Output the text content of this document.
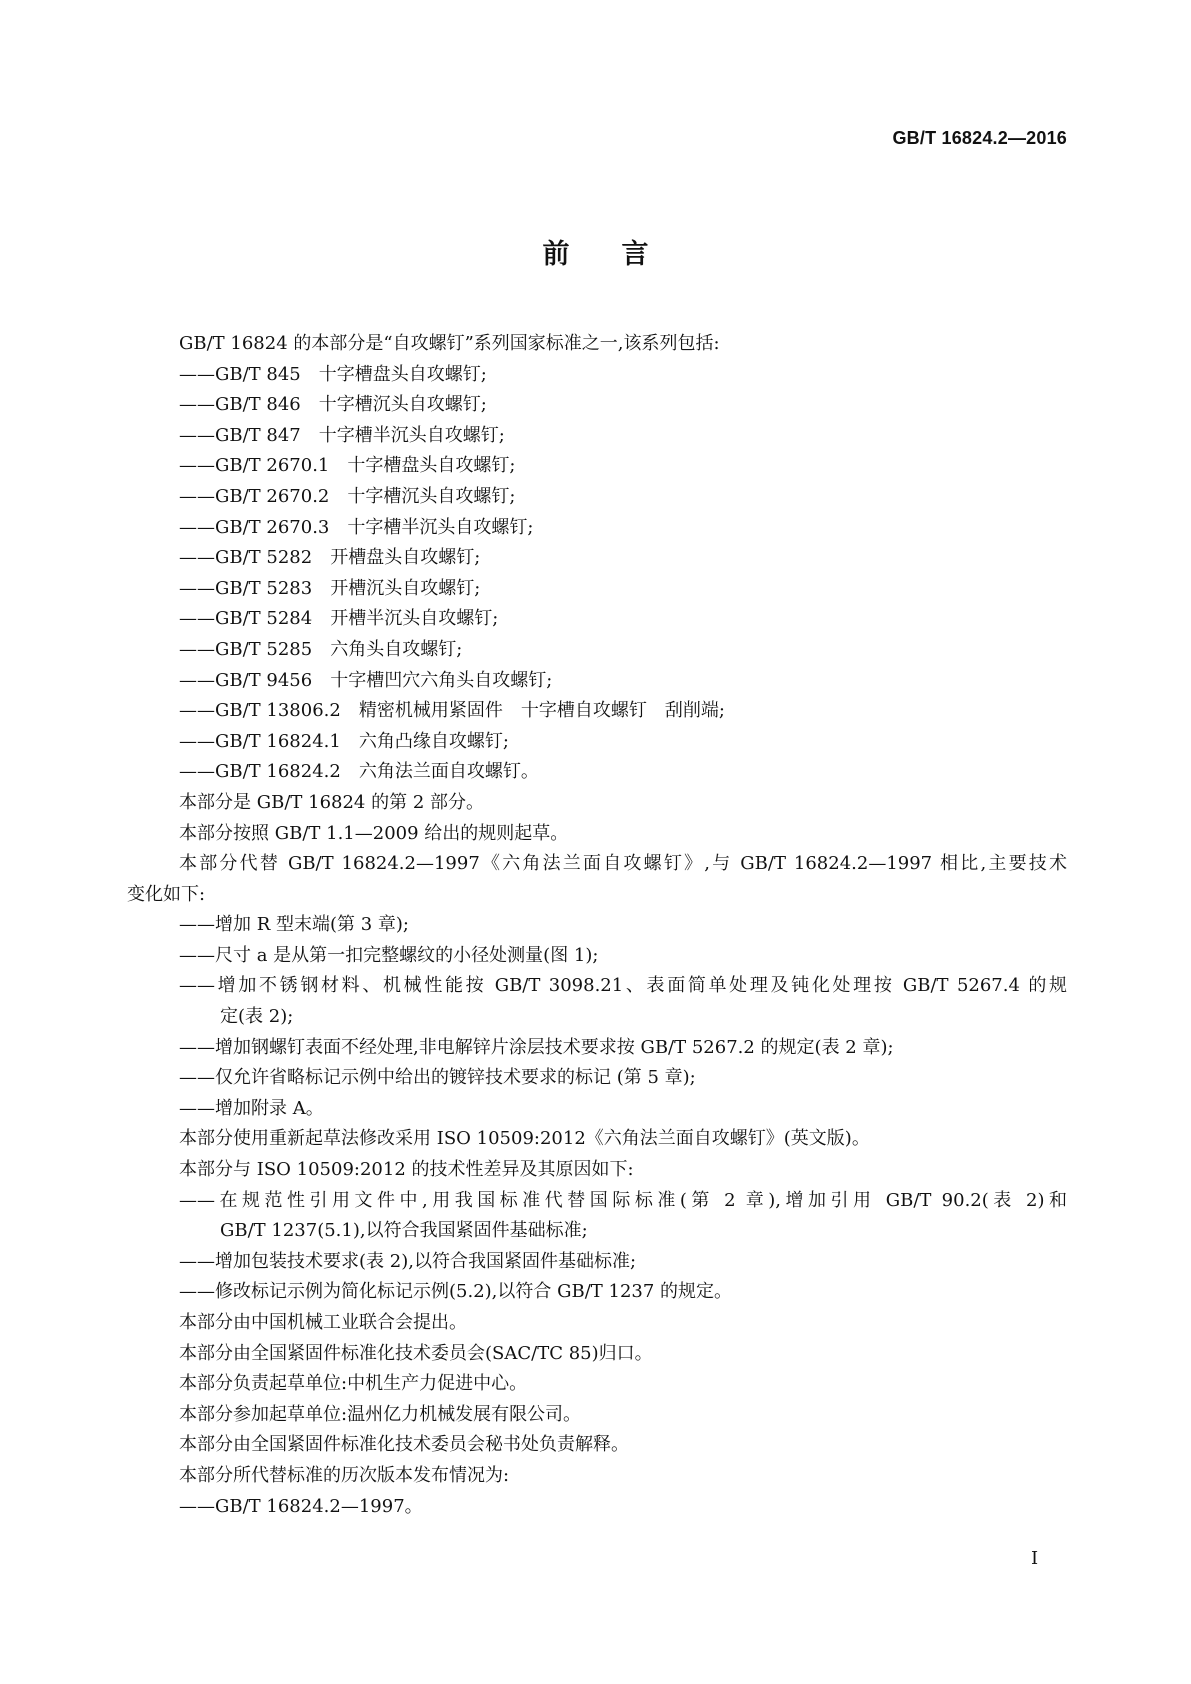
GB/T 16824.2—2016
前 言
GB/T 16824 的本部分是“自攻螺钉”系列国家标准之一,该系列包括:
——GB/T 845　十字槽盘头自攻螺钉;
——GB/T 846　十字槽沉头自攻螺钉;
——GB/T 847　十字槽半沉头自攻螺钉;
——GB/T 2670.1　十字槽盘头自攻螺钉;
——GB/T 2670.2　十字槽沉头自攻螺钉;
——GB/T 2670.3　十字槽半沉头自攻螺钉;
——GB/T 5282　开槽盘头自攻螺钉;
——GB/T 5283　开槽沉头自攻螺钉;
——GB/T 5284　开槽半沉头自攻螺钉;
——GB/T 5285　六角头自攻螺钉;
——GB/T 9456　十字槽凹穴六角头自攻螺钉;
——GB/T 13806.2　精密机械用紧固件　十字槽自攻螺钉　刮削端;
——GB/T 16824.1　六角凸缘自攻螺钉;
——GB/T 16824.2　六角法兰面自攻螺钉。
本部分是 GB/T 16824 的第 2 部分。
本部分按照 GB/T 1.1—2009 给出的规则起草。
本部分代替 GB/T 16824.2—1997《六角法兰面自攻螺钉》,与 GB/T 16824.2—1997 相比,主要技术
变化如下:
——增加 R 型末端(第 3 章);
——尺寸 a 是从第一扣完整螺纹的小径处测量(图 1);
——增加不锈钢材料、机械性能按 GB/T 3098.21、表面简单处理及钝化处理按 GB/T 5267.4 的规
定(表 2);
——增加钢螺钉表面不经处理,非电解锌片涂层技术要求按 GB/T 5267.2 的规定(表 2 章);
——仅允许省略标记示例中给出的镀锌技术要求的标记 (第 5 章);
——增加附录 A。
本部分使用重新起草法修改采用 ISO 10509:2012《六角法兰面自攻螺钉》(英文版)。
本部分与 ISO 10509:2012 的技术性差异及其原因如下:
——在规范性引用文件中,用我国标准代替国际标准(第 2 章),增加引用 GB/T 90.2(表 2)和
GB/T 1237(5.1),以符合我国紧固件基础标准;
——增加包装技术要求(表 2),以符合我国紧固件基础标准;
——修改标记示例为简化标记示例(5.2),以符合 GB/T 1237 的规定。
本部分由中国机械工业联合会提出。
本部分由全国紧固件标准化技术委员会(SAC/TC 85)归口。
本部分负责起草单位:中机生产力促进中心。
本部分参加起草单位:温州亿力机械发展有限公司。
本部分由全国紧固件标准化技术委员会秘书处负责解释。
本部分所代替标准的历次版本发布情况为:
——GB/T 16824.2—1997。
I
